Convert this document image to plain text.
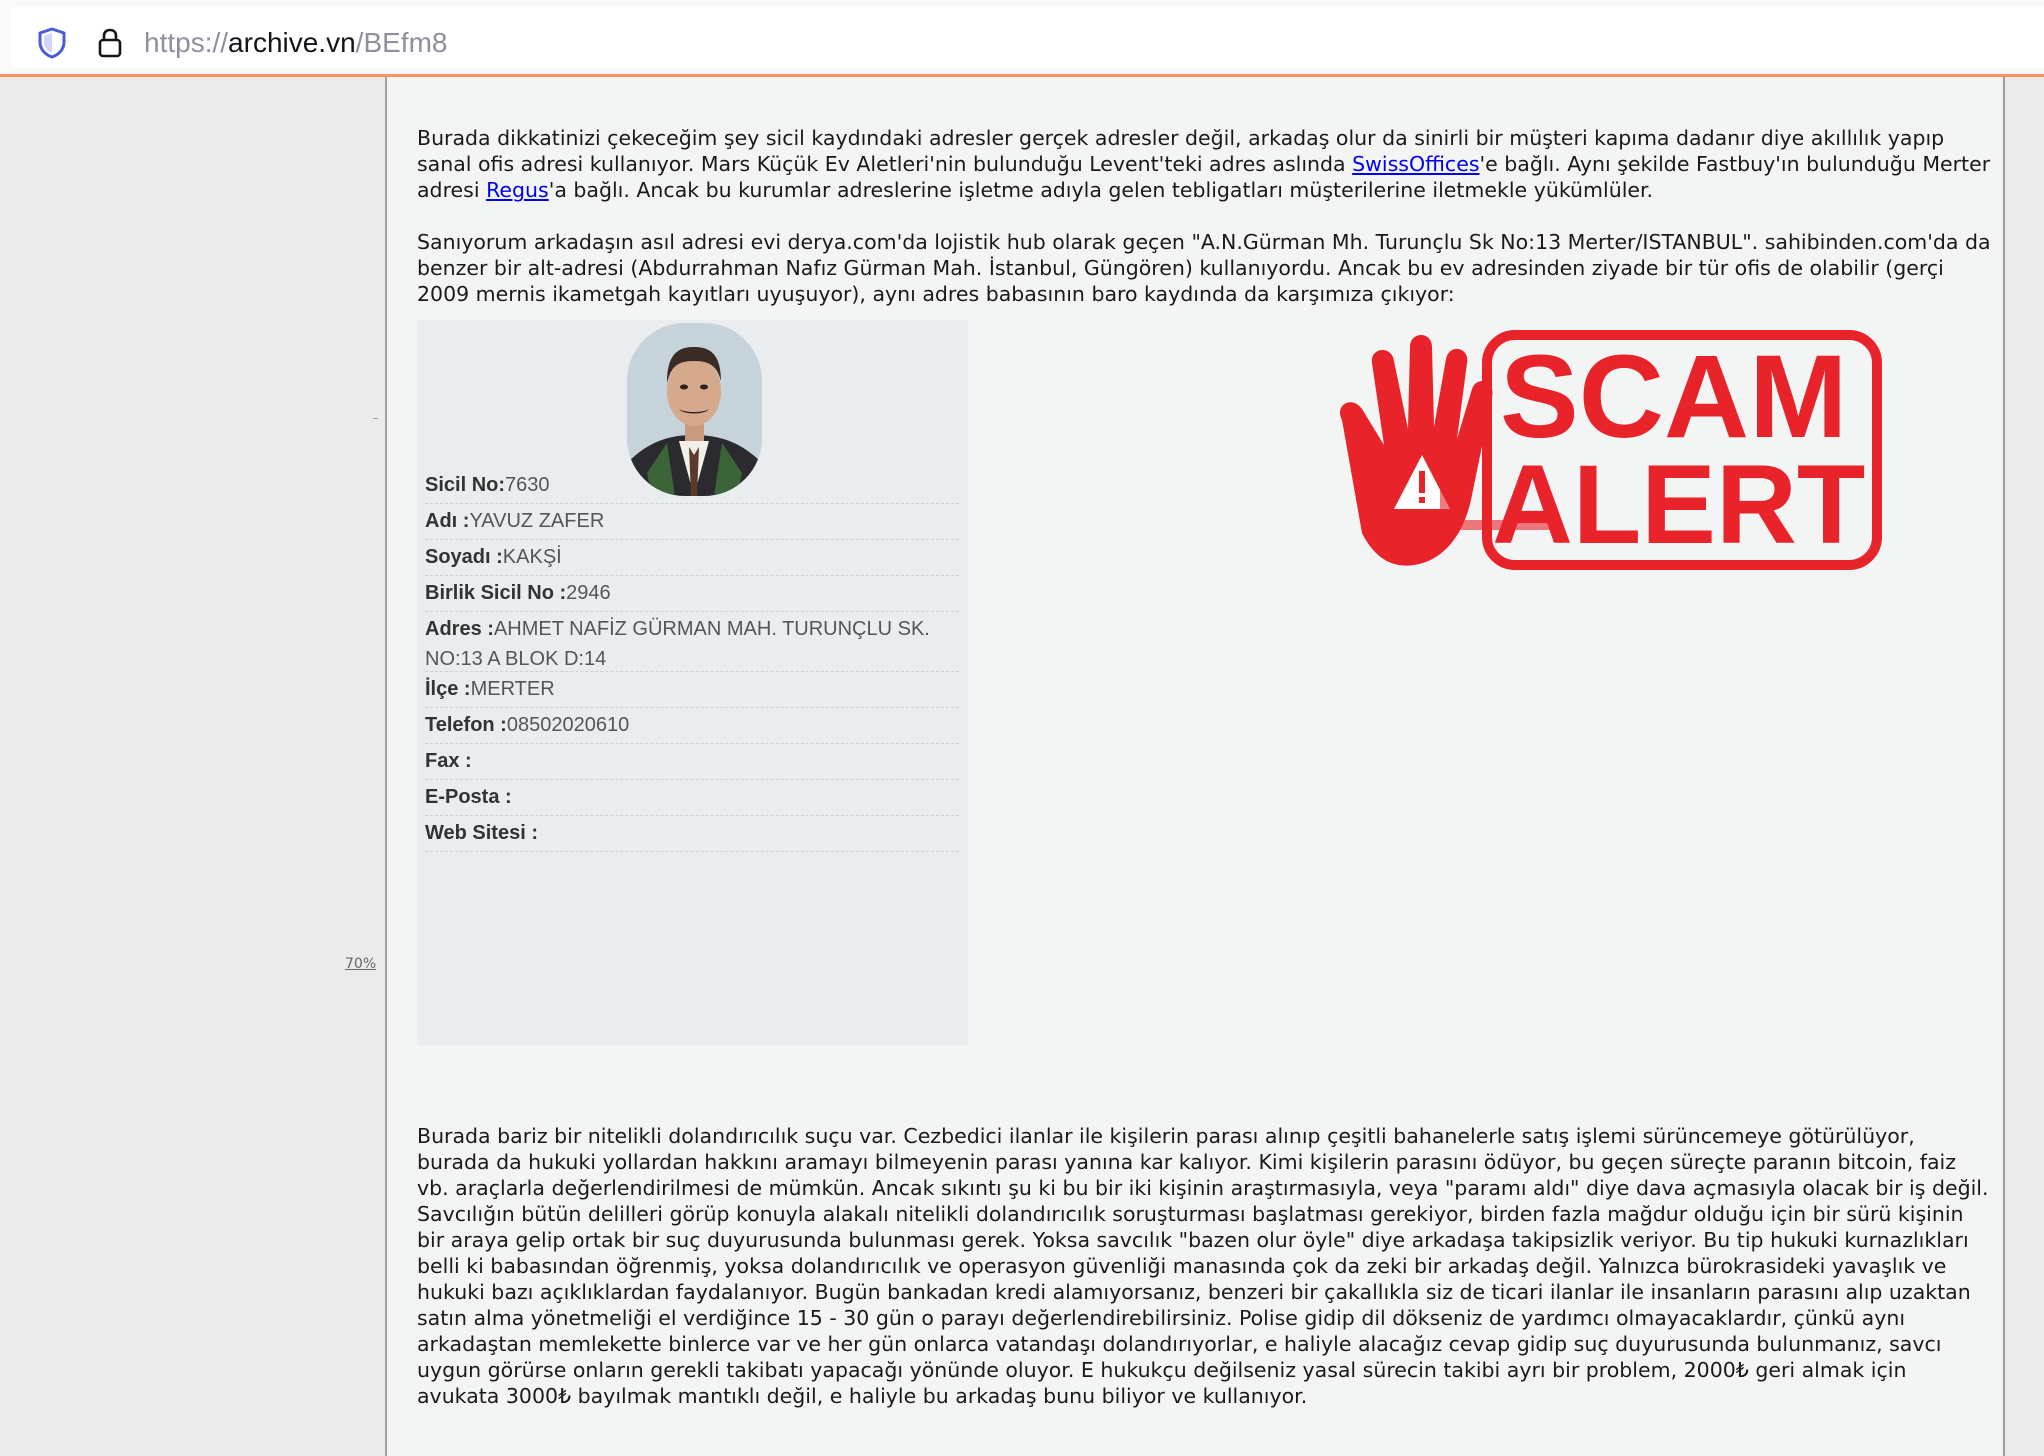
https://archive.vn/BEfm8
70%
Burada dikkatinizi çekeceğim şey sicil kaydındaki adresler gerçek adresler değil, arkadaş olur da sinirli bir müşteri kapıma dadanır diye akıllılık yapıp sanal ofis adresi kullanıyor. Mars Küçük Ev Aletleri'nin bulunduğu Levent'teki adres aslında SwissOffices'e bağlı. Aynı şekilde Fastbuy'ın bulunduğu Merter adresi Regus'a bağlı. Ancak bu kurumlar adreslerine işletme adıyla gelen tebligatları müşterilerine iletmekle yükümlüler.
Sanıyorum arkadaşın asıl adresi evi derya.com'da lojistik hub olarak geçen "A.N.Gürman Mh. Turunçlu Sk No:13 Merter/ISTANBUL". sahibinden.com'da da benzer bir alt-adresi (Abdurrahman Nafız Gürman Mah. İstanbul, Güngören) kullanıyordu. Ancak bu ev adresinden ziyade bir tür ofis de olabilir (gerçi 2009 mernis ikametgah kayıtları uyuşuyor), aynı adres babasının baro kaydında da karşımıza çıkıyor:
Sicil No:7630
Adı :YAVUZ ZAFER
Soyadı :KAKŞİ
Birlik Sicil No :2946
Adres :AHMET NAFİZ GÜRMAN MAH. TURUNÇLU SK. NO:13 A BLOK D:14
İlçe :MERTER
Telefon :08502020610
Fax :
E-Posta :
Web Sitesi :
SCAM
ALERT
Burada bariz bir nitelikli dolandırıcılık suçu var. Cezbedici ilanlar ile kişilerin parası alınıp çeşitli bahanelerle satış işlemi sürüncemeye götürülüyor, burada da hukuki yollardan hakkını aramayı bilmeyenin parası yanına kar kalıyor. Kimi kişilerin parasını ödüyor, bu geçen süreçte paranın bitcoin, faiz vb. araçlarla değerlendirilmesi de mümkün. Ancak sıkıntı şu ki bu bir iki kişinin araştırmasıyla, veya "paramı aldı" diye dava açmasıyla olacak bir iş değil. Savcılığın bütün delilleri görüp konuyla alakalı nitelikli dolandırıcılık soruşturması başlatması gerekiyor, birden fazla mağdur olduğu için bir sürü kişinin bir araya gelip ortak bir suç duyurusunda bulunması gerek. Yoksa savcılık "bazen olur öyle" diye arkadaşa takipsizlik veriyor. Bu tip hukuki kurnazlıkları belli ki babasından öğrenmiş, yoksa dolandırıcılık ve operasyon güvenliği manasında çok da zeki bir arkadaş değil. Yalnızca bürokrasideki yavaşlık ve hukuki bazı açıklıklardan faydalanıyor. Bugün bankadan kredi alamıyorsanız, benzeri bir çakallıkla siz de ticari ilanlar ile insanların parasını alıp uzaktan satın alma yönetmeliği el verdiğince 15 - 30 gün o parayı değerlendirebilirsiniz. Polise gidip dil dökseniz de yardımcı olmayacaklardır, çünkü aynı arkadaştan memlekette binlerce var ve her gün onlarca vatandaşı dolandırıyorlar, e haliyle alacağız cevap gidip suç duyurusunda bulunmanız, savcı uygun görürse onların gerekli takibatı yapacağı yönünde oluyor. E hukukçu değilseniz yasal sürecin takibi ayrı bir problem, 2000₺ geri almak için avukata 3000₺ bayılmak mantıklı değil, e haliyle bu arkadaş bunu biliyor ve kullanıyor.
